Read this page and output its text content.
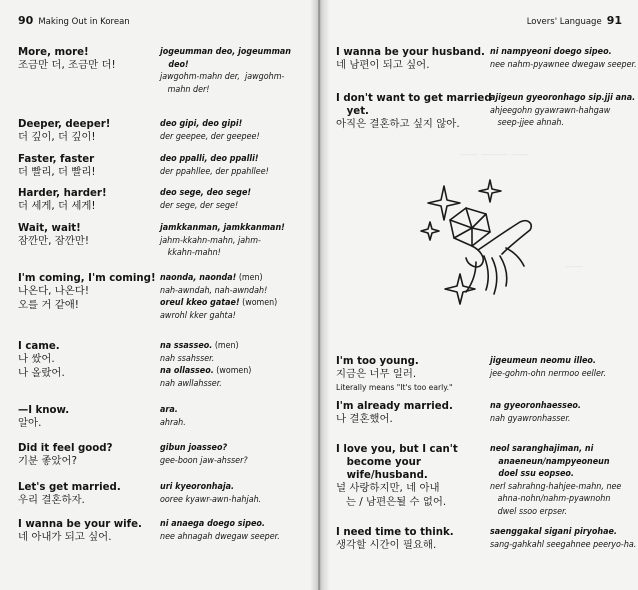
90 Making Out in Korean
More, more!
조금만 더, 조금만 더!
Deeper, deeper!
더 깊이, 더 깊이!
Faster, faster
더 빨리, 더 빨리!
Harder, harder!
더 세게, 더 세게!
Wait, wait!
잠깐만, 잠깐만!
I'm coming, I'm coming!
나온다, 나온다!
오를 거 같애!
I came.
나 쌌어.
나 올랐어.
—I know.
알아.
Did it feel good?
기분 좋았어?
Let's get married.
우리 결혼하자.
I wanna be your wife.
네 아내가 되고 싶어.
jogeumman deo, jogeumman
deo!
jawgohm-mahn der,  jawgohm-
mahn der!
deo gipi, deo gipi!
der geepee, der geepee!
deo ppalli, deo ppalli!
der ppahllee, der ppahllee!
deo sege, deo sege!
der sege, der sege!
jamkkanman, jamkkanman!
jahm-kkahn-mahn, jahm-
kkahn-mahn!
naonda, naonda! (men)
nah-awndah, nah-awndah!
oreul kkeo gatae! (women)
awrohl kker gahta!
na ssasseo. (men)
nah ssahsser.
na ollasseo. (women)
nah awllahsser.
ara.
ahrah.
gibun joasseo?
gee-boon jaw-ahsser?
uri kyeoronhaja.
ooree kyawr-awn-hahjah.
ni anaega doego sipeo.
nee ahnagah dwegaw seeper.
Lovers' Language 91
I wanna be your husband.
네 남편이 되고 싶어.
I don't want to get married
yet.
아직은 결혼하고 싶지 않아.
I'm too young.
지금은 너무 일러.
Literally means "It's too early."
I'm already married.
나 결혼했어.
I love you, but I can't
become your
wife/husband.
널 사랑하지만, 네 아내
는 / 남편은될 수 없어.
I need time to think.
생각할 시간이 필요해.
—— ——— ——
——
ni nampyeoni doego sipeo.
nee nahm-pyawnee dwegaw seeper.
ajigeun gyeoronhago sip.jji ana.
ahjeegohn gyawrawn-hahgaw
seep-jjee ahnah.
jigeumeun neomu illeo.
jee-gohm-ohn nermoo eeller.
na gyeoronhaesseo.
nah gyawronhasser.
neol saranghajiman, ni
anaeneun/nampyeoneun
doel ssu eopseo.
nerl sahrahng-hahjee-mahn, nee
ahna-nohn/nahm-pyawnohn
dwel ssoo erpser.
saenggakal sigani piryohae.
sang-gahkahl seegahnee peeryo-ha.
